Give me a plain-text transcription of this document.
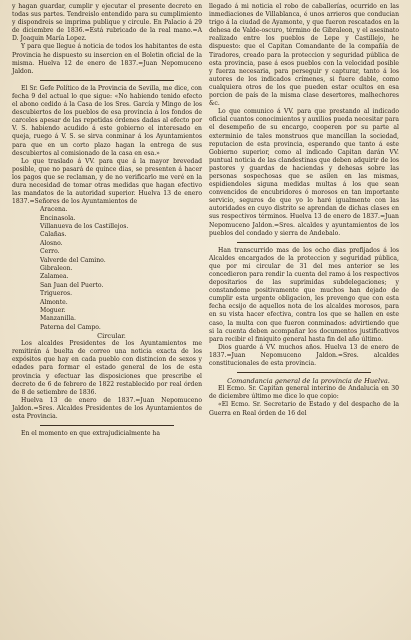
y hagan guardar, cumplir y ejecutar el presente decreto en todas sus partes. Tendreislo entendido para su cumplimiento y dispondreis se imprima publique y circule. En Palacio á 29 de diciembre de 1836.=Está rubricado de la real mano.=A D. Joaquin María Lopez.

Y para que llegue á noticia de todos los habitantes de esta Provincia he dispuesto su insercion en el Boletin oficial de la misma. Huelva 12 de enero de 1837.=Juan Nepomuceno Jaldon.

El Sr. Gefe Político de la Provincia de Sevilla, me dice, con fecha 9 del actual lo que sigue: «No habiendo tenido efecto el abono cedido á la Casa de los Sres. García y Mingo de los descubiertos de los pueblos de esa provincia á los fondos de carceles apesar de las repetidas órdenes dadas al efecto por V. S. habiendo acudido á este gobierno el interesado en queja, ruego á V. S. se sirva conminar á los Ayuntamientos para que en un corto plazo hagan la entrega de sus descubiertos al comisionado de la casa en esa.»

Lo que traslado á VV. para que á la mayor brevedad posible, que no pasará de quince dias, se presenten á hacer los pagos que se reclaman, y de no verificarlo me veré en la dura necesidad de tomar otras medidas que hagan efectivo las mandatos de la autoridad superior. Huelva 13 de enero 1837.=Señores de los Ayuntamientos de

Aracena.
Encinasola.
Villanueva de los Castillejos.
Calañas.
Alosno.
Cerro.
Valverde del Camino.
Gibraleon.
Zalamea.
San Juan del Puerto.
Trigueros.
Almonte.
Moguer.
Manzanilla.
Paterna del Campo.

Circular.

Los alcaldes Presidentes de los Ayuntamientos me remitirán á buelta de correo una noticia exacta de los expósitos que hay en cada pueblo con distincion de sexos y edades para formar el estado general de los de esta provincia y efectuar las disposiciones que prescribe el decreto de 6 de febrero de 1822 restablecido por real órden de 8 de setiembre de 1836.

Huelva 13 de enero de 1837.=Juan Nepomuceno Jaldon.=Sres. Alcaldes Presidentes de los Ayuntamientos de esta Provincia.

En el momento en que extrajudicialmente ha

llegado á mi noticia el robo de caballerías, ocurrido en las inmediaciones de Villablanca, é unos arrieros que conducian trigo á la ciudad de Ayamonte, y que fueron rescatados en la dehesa de Valde-oscuro, término de Gibraleon, y el asesinato realizado entre los pueblos de Lepe y Castillejo, he dispuesto: que el Capitan Comandante de la compañía de Tiradores, creado para la proteccion y seguridad pública de esta provincia, pase á esos pueblos con la velocidad posible y fuerza necesaria, para perseguir y capturar, tanto á los autores de los indicados crímenes, si fuere dable, como cualquiera otros de los que pueden estar ocultos en esa porcion de país de la misma clase desertores, malhechores &c.

Lo que comunico á VV. para que prestando al indicado oficial cuantos conocimientos y auxilios pueda necesitar para el desempeño de su encargo, cooperen por su parte al exterminio de tales monstruos que mancillan la sociedad, reputacion de esta provincia, esperando que tanto á este Gobierno superior, como al indicado Capitan darán VV. puntual noticia de las clandestinas que deben adquirir de los pastores y guardas de haciendas y dehesas sobre las personas sospechosas que se asilen en las mismas, espidiendoles siguna medidas multas á los que sean convencidos de encubridores ó morosos en tan importante servicio, seguros de que yo lo haré igualmente con las autoridades en cuyo distrito se aprendan de dichas clases en sus respectivos términos. Huelva 13 de enero de 1837.=Juan Nepomuceno Jaldon.=Sres. alcaldes y ayuntamientos de los pueblos del condado y sierra de Andebalo.

Han transcurrido mas de los ocho dias prefijados á los Alcaldes encargados de la proteccion y seguridad pública, que por mi circular de 31 del mes anterior se les concedieron para rendir la cuenta del ramo á los respectivos depositarios de las suprimidas subdelegaciones; y constandome positivamente que muchos han dejado de cumplir esta urgente obligacion, les prevengo que con esta fecha ecsijo de aquellos nota de los alcaldes morosos, para en su vista hacer efectiva, contra los que se hallen en este caso, la multa con que fueron conminados: advirtiendo que si la cuenta deben acompañar los documentos justificativos para recibir el finiquito general hasta fin del año último.

Dios guarde á VV. muchos años. Huelva 13 de enero de 1837.=Juan Nepomuceno Jaldon.=Sres. alcaldes constitucionales de esta provincia.

Comandancia general de la provincia de Huelva.

El Ecmo. Sr. Capitan general interino de Andalucía en 30 de diciembre último me dice lo que copio:

«El Ecmo. Sr. Secretario de Estado y del despacho de la Guerra en Real órden de 16 del
